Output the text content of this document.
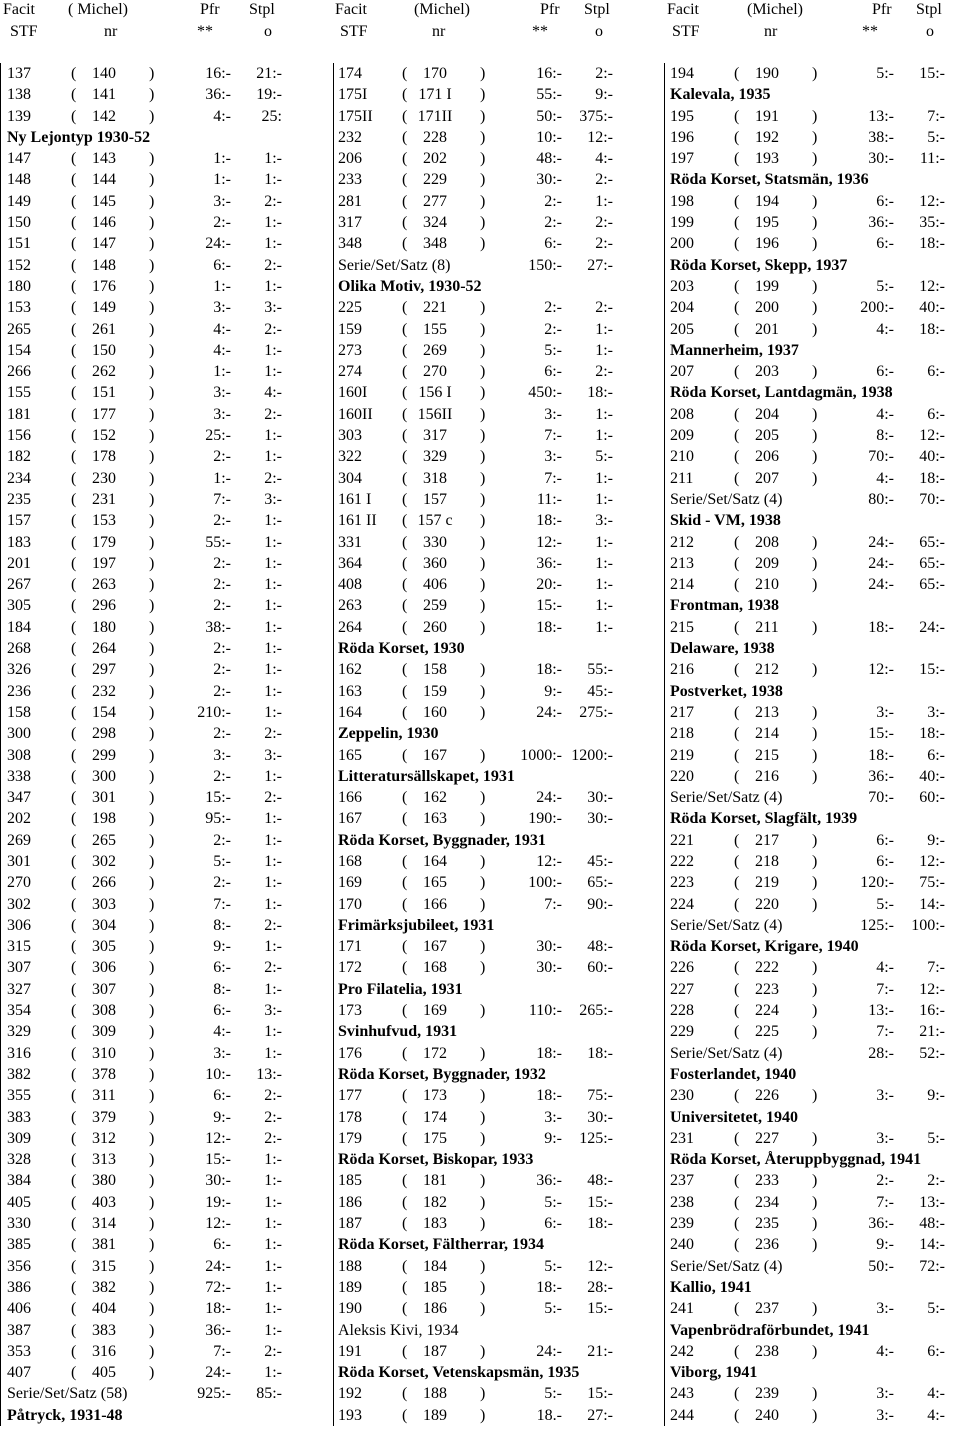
Facit ( Michel)	Pfr Stpl
STF	nr	**	o
Facit	(Michel)	Pfr Stpl
STF	nr	**	o
Facit	(Michel)	Pfr Stpl
STF	nr	**	o
137	( 140	)	16:-	21:-
138	( 141	)	36:-	19:-
139	( 142	)	4:-	25:
Ny Lejontyp 1930-52
147	( 143	)	1:-	1:-
148	( 144	)	1:-	1:-
149	( 145	)	3:-	2:-
150	( 146	)	2:-	1:-
151	( 147	)	24:-	1:-
152	( 148	)	6:-	2:-
180	( 176	)	1:-	1:-
153	( 149	)	3:-	3:-
265	( 261	)	4:-	2:-
154	( 150	)	4:-	1:-
266	( 262	)	1:-	1:-
155	( 151	)	3:-	4:-
181	( 177	)	3:-	2:-
156	( 152	)	25:-	1:-
182	( 178	)	2:-	1:-
234	( 230	)	1:-	2:-
235	( 231	)	7:-	3:-
157	( 153	)	2:-	1:-
183	( 179	)	55:-	1:-
201	( 197	)	2:-	1:-
267	( 263	)	2:-	1:-
305	( 296	)	2:-	1:-
184	( 180	)	38:-	1:-
268	( 264	)	2:-	1:-
326	( 297	)	2:-	1:-
236	( 232	)	2:-	1:-
158	( 154	)	210:-	1:-
300	( 298	)	2:-	2:-
308	( 299	)	3:-	3:-
338	( 300	)	2:-	1:-
347	( 301	)	15:-	2:-
202	( 198	)	95:-	1:-
269	( 265	)	2:-	1:-
301	( 302	)	5:-	1:-
270	( 266	)	2:-	1:-
302	( 303	)	7:-	1:-
306	( 304	)	8:-	2:-
315	( 305	)	9:-	1:-
307	( 306	)	6:-	2:-
327	( 307	)	8:-	1:-
354	( 308	)	6:-	3:-
329	( 309	)	4:-	1:-
316	( 310	)	3:-	1:-
382	( 378	)	10:-	13:-
355	( 311	)	6:-	2:-
383	( 379	)	9:-	2:-
309	( 312	)	12:-	2:-
328	( 313	)	15:-	1:-
384	( 380	)	30:-	1:-
405	( 403	)	19:-	1:-
330	( 314	)	12:-	1:-
385	( 381	)	6:-	1:-
356	( 315	)	24:-	1:-
386	( 382	)	72:-	1:-
406	( 404	)	18:-	1:-
387	( 383	)	36:-	1:-
353	( 316	)	7:-	2:-
407	( 405	)	24:-	1:-
Serie/Set/Satz (58)	925:-	85:-
Påtryck, 1931-48
174	( 170	)	16:-	2:-
175I ( 171 I	)	55:-	9:-
175II ( 171II	)	50:-	375:-
232	( 228	)	10:-	12:-
206	( 202	)	48:-	4:-
233	( 229	)	30:-	2:-
281	( 277	)	2:-	1:-
317	( 324	)	2:-	2:-
348	( 348	)	6:-	2:-
Serie/Set/Satz (8)	150:-	27:-
Olika Motiv, 1930-52
225	( 221	)	2:-	2:-
159	( 155	)	2:-	1:-
273	( 269	)	5:-	1:-
274	( 270	)	6:-	2:-
160I ( 156 I	)	450:-	18:-
160II ( 156II	)	3:-	1:-
303	( 317	)	7:-	1:-
322	( 329	)	3:-	5:-
304	( 318	)	7:-	1:-
161 I ( 157	)	11:-	1:-
161 II ( 157 c	)	18:-	3:-
331	( 330	)	12:-	1:-
364	( 360	)	36:-	1:-
408	( 406	)	20:-	1:-
263	( 259	)	15:-	1:-
264	( 260	)	18:-	1:-
Röda Korset, 1930
162	( 158	)	18:-	55:-
163	( 159	)	9:-	45:-
164	( 160	)	24:-	275:-
Zeppelin, 1930
165	( 167	)	1000:- 1200:-
Litteratursällskapet, 1931
166	( 162	)	24:-	30:-
167	( 163	)	190:-	30:-
Röda Korset, Byggnader, 1931
168	( 164	)	12:-	45:-
169	( 165	)	100:-	65:-
170	( 166	)	7:-	90:-
Frimärksjubileet, 1931
171	( 167	)	30:-	48:-
172	( 168	)	30:-	60:-
Pro Filatelia, 1931
173	( 169	)	110:-	265:-
Svinhufvud, 1931
176	( 172	)	18:-	18:-
Röda Korset, Byggnader, 1932
177	( 173	)	18:-	75:-
178	( 174	)	3:-	30:-
179	( 175	)	9:-	125:-
Röda Korset, Biskopar, 1933
185	( 181	)	36:-	48:-
186	( 182	)	5:-	15:-
187	( 183	)	6:-	18:-
Röda Korset, Fältherrar, 1934
188	( 184	)	5:-	12:-
189	( 185	)	18:-	28:-
190	( 186	)	5:-	15:-
Aleksis Kivi, 1934
191	( 187	)	24:-	21:-
Röda Korset, Vetenskapsmän, 1935
192	( 188	)	5:-	15:-
193	( 189	)	18.-	27:-
194	( 190	)	5:-	15:-
Kalevala, 1935
195	( 191	)	13:-	7:-
196	( 192	)	38:-	5:-
197	( 193	)	30:-	11:-
Röda Korset, Statsmän, 1936
198	( 194	)	6:-	12:-
199	( 195	)	36:-	35:-
200	( 196	)	6:-	18:-
Röda Korset, Skepp, 1937
203	( 199	)	5:-	12:-
204	( 200	)	200:-	40:-
205	( 201	)	4:-	18:-
Mannerheim, 1937
207	( 203	)	6:-	6:-
Röda Korset, Lantdagmän, 1938
208	( 204	)	4:-	6:-
209	( 205	)	8:-	12:-
210	( 206	)	70:-	40:-
211	( 207	)	4:-	18:-
Serie/Set/Satz (4)	80:-	70:-
Skid - VM, 1938
212	( 208	)	24:-	65:-
213	( 209	)	24:-	65:-
214	( 210	)	24:-	65:-
Frontman, 1938
215	( 211	)	18:-	24:-
Delaware, 1938
216	( 212	)	12:-	15:-
Postverket, 1938
217	( 213	)	3:-	3:-
218	( 214	)	15:-	18:-
219	( 215	)	18:-	6:-
220	( 216	)	36:-	40:-
Serie/Set/Satz (4)	70:-	60:-
Röda Korset, Slagfält, 1939
221	( 217	)	6:-	9:-
222	( 218	)	6:-	12:-
223	( 219	)	120:-	75:-
224	( 220	)	5:-	14:-
Serie/Set/Satz (4)	125:-	100:-
Röda Korset, Krigare, 1940
226	( 222	)	4:-	7:-
227	( 223	)	7:-	12:-
228	( 224	)	13:-	16:-
229	( 225	)	7:-	21:-
Serie/Set/Satz (4)	28:-	52:-
Fosterlandet, 1940
230	( 226	)	3:-	9:-
Universitetet, 1940
231	( 227	)	3:-	5:-
Röda Korset, Återuppbyggnad, 1941
237	( 233	)	2:-	2:-
238	( 234	)	7:-	13:-
239	( 235	)	36:-	48:-
240	( 236	)	9:-	14:-
Serie/Set/Satz (4)	50:-	72:-
Kallio, 1941
241	( 237	)	3:-	5:-
Vapenbrödraförbundet, 1941
242	( 238	)	4:-	6:-
Viborg, 1941
243	( 239	)	3:-	4:-
244	( 240	)	3:-	4:-
